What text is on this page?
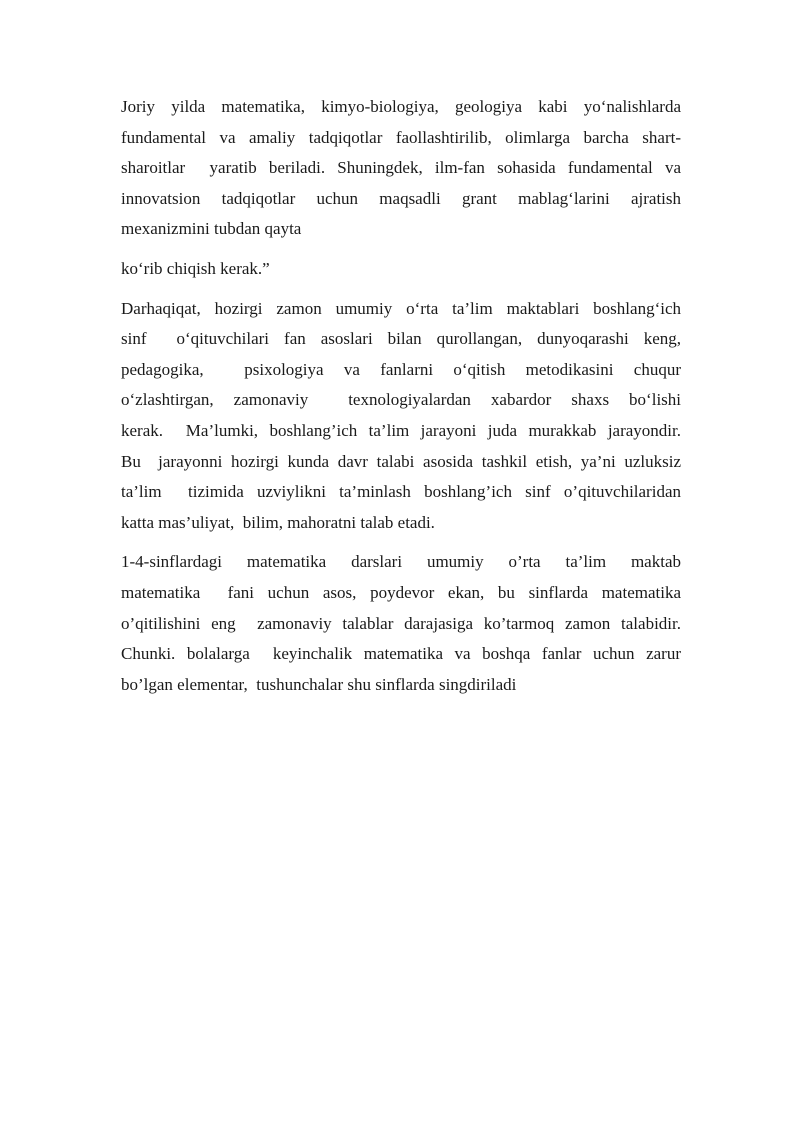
Joriy yilda matematika, kimyo-biologiya, geologiya kabi yo‘nalishlarda
fundamental va amaliy tadqiqotlar faollashtirilib, olimlarga barcha shart-
sharoitlar  yaratib beriladi. Shuningdek, ilm-fan sohasida fundamental va
innovatsion tadqiqotlar uchun maqsadli grant mablag‘larini ajratish
mexanizmini tubdan qayta
ko‘rib chiqish kerak.”
Darhaqiqat, hozirgi zamon umumiy o‘rta ta’lim maktablari boshlang‘ich
sinf  o‘qituvchilari fan asoslari bilan qurollangan, dunyoqarashi keng,
pedagogika,  psixologiya va fanlarni o‘qitish metodikasini chuqur
o‘zlashtirgan, zamonaviy  texnologiyalardan xabardor shaxs bo‘lishi
kerak.  Ma’lumki, boshlang’ich ta’lim jarayoni juda murakkab jarayondir.
Bu  jarayonni hozirgi kunda davr talabi asosida tashkil etish, ya’ni uzluksiz
ta’lim  tizimida uzviylikni ta’minlash boshlang’ich sinf o’qituvchilaridan
katta mas’uliyat,  bilim, mahoratni talab etadi.
1-4-sinflardagi matematika darslari umumiy o’rta ta’lim maktab
matematika  fani uchun asos, poydevor ekan, bu sinflarda matematika
o’qitilishini eng  zamonaviy talablar darajasiga ko’tarmoq zamon talabidir.
Chunki. bolalarga  keyinchalik matematika va boshqa fanlar uchun zarur
bo’lgan elementar,  tushunchalar shu sinflarda singdiriladi
